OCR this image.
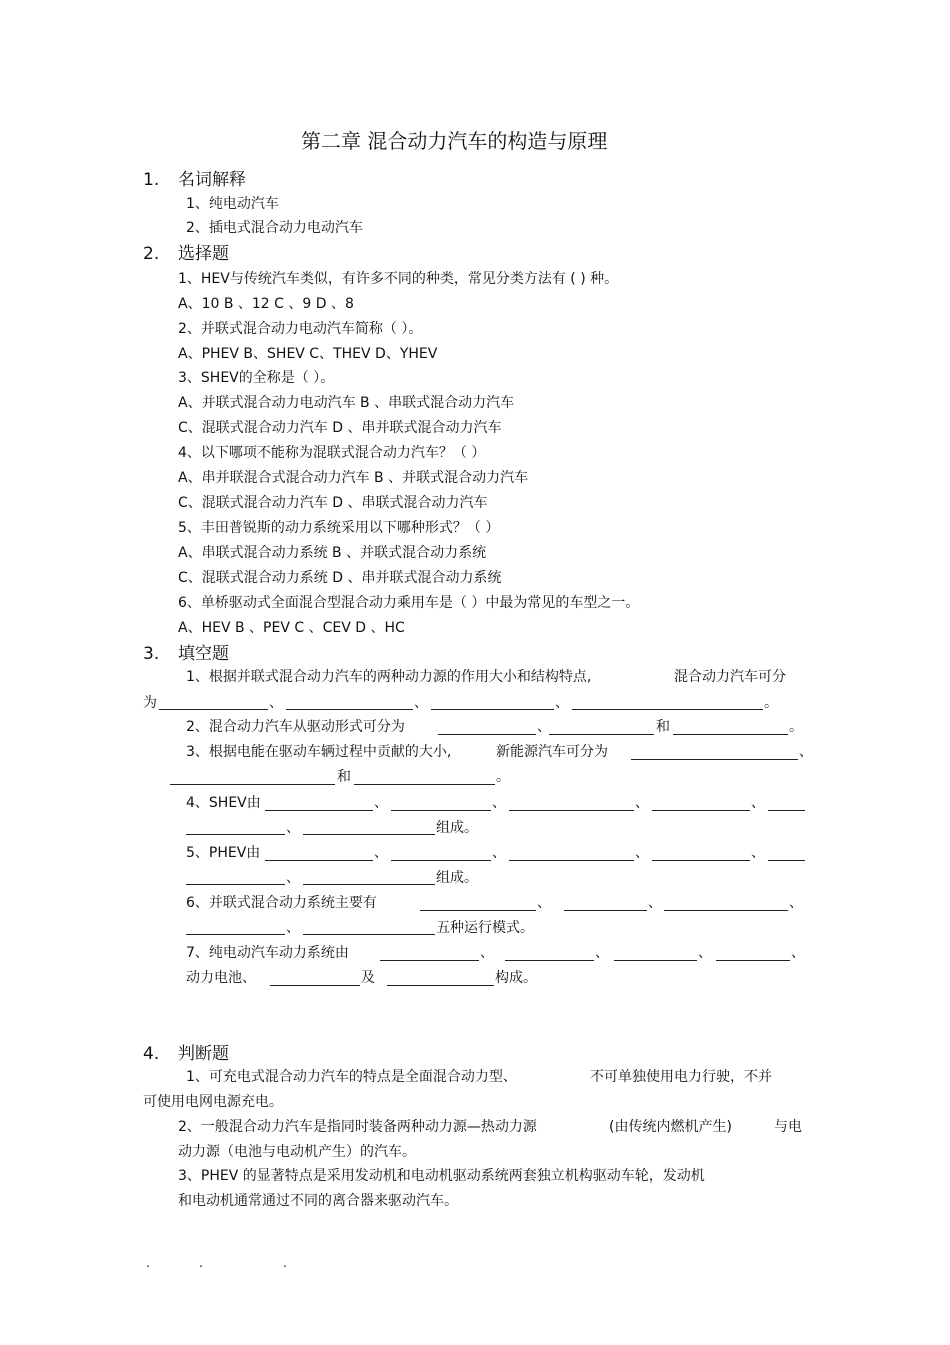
第二章 混合动力汽车的构造与原理
1. 名词解释
1、纯电动汽车
2、插电式混合动力电动汽车
2. 选择题
1、HEV与传统汽车类似，有许多不同的种类，常见分类方法有 ( ) 种。
A、10 B 、12 C 、9 D 、8
2、并联式混合动力电动汽车简称（ ）。
A、PHEV B、SHEV C、THEV D、YHEV
3、SHEV的全称是（ ）。
A、并联式混合动力电动汽车 B 、串联式混合动力汽车
C、混联式混合动力汽车 D 、串并联式混合动力汽车
4、以下哪项不能称为混联式混合动力汽车？（ ）
A、串并联混合式混合动力汽车 B 、并联式混合动力汽车
C、混联式混合动力汽车 D 、串联式混合动力汽车
5、丰田普锐斯的动力系统采用以下哪种形式？（ ）
A、串联式混合动力系统 B 、并联式混合动力系统
C、混联式混合动力系统 D 、串并联式混合动力系统
6、单桥驱动式全面混合型混合动力乘用车是（ ）中最为常见的车型之一。
A、HEV B 、PEV C 、CEV D 、HC
3. 填空题
1、根据并联式混合动力汽车的两种动力源的作用大小和结构特点,	混合动力汽车可分
为	、	、	、	。
2、混合动力汽车从驱动形式可分为	、	和	。
3、根据电能在驱动车辆过程中贡献的大小,	新能源汽车可分为	、
和	。
4、SHEV由	、	、	、	、
、	组成。
5、PHEV由	、	、	、	、
、	组成。
6、并联式混合动力系统主要有	、	、	、
、	五种运行模式。
7、纯电动汽车动力系统由	、	、	、	、
动力电池、	及	构成。
4. 判断题
1、可充电式混合动力汽车的特点是全面混合动力型、	不可单独使用电力行驶，不并
可使用电网电源充电。
2、一般混合动力汽车是指同时装备两种动力源—热动力源	(由传统内燃机产生)	与电
动力源（电池与电动机产生）的汽车。
3、PHEV 的显著特点是采用发动机和电动机驱动系统两套独立机构驱动车轮，发动机
和电动机通常通过不同的离合器来驱动汽车。
.	.	.
